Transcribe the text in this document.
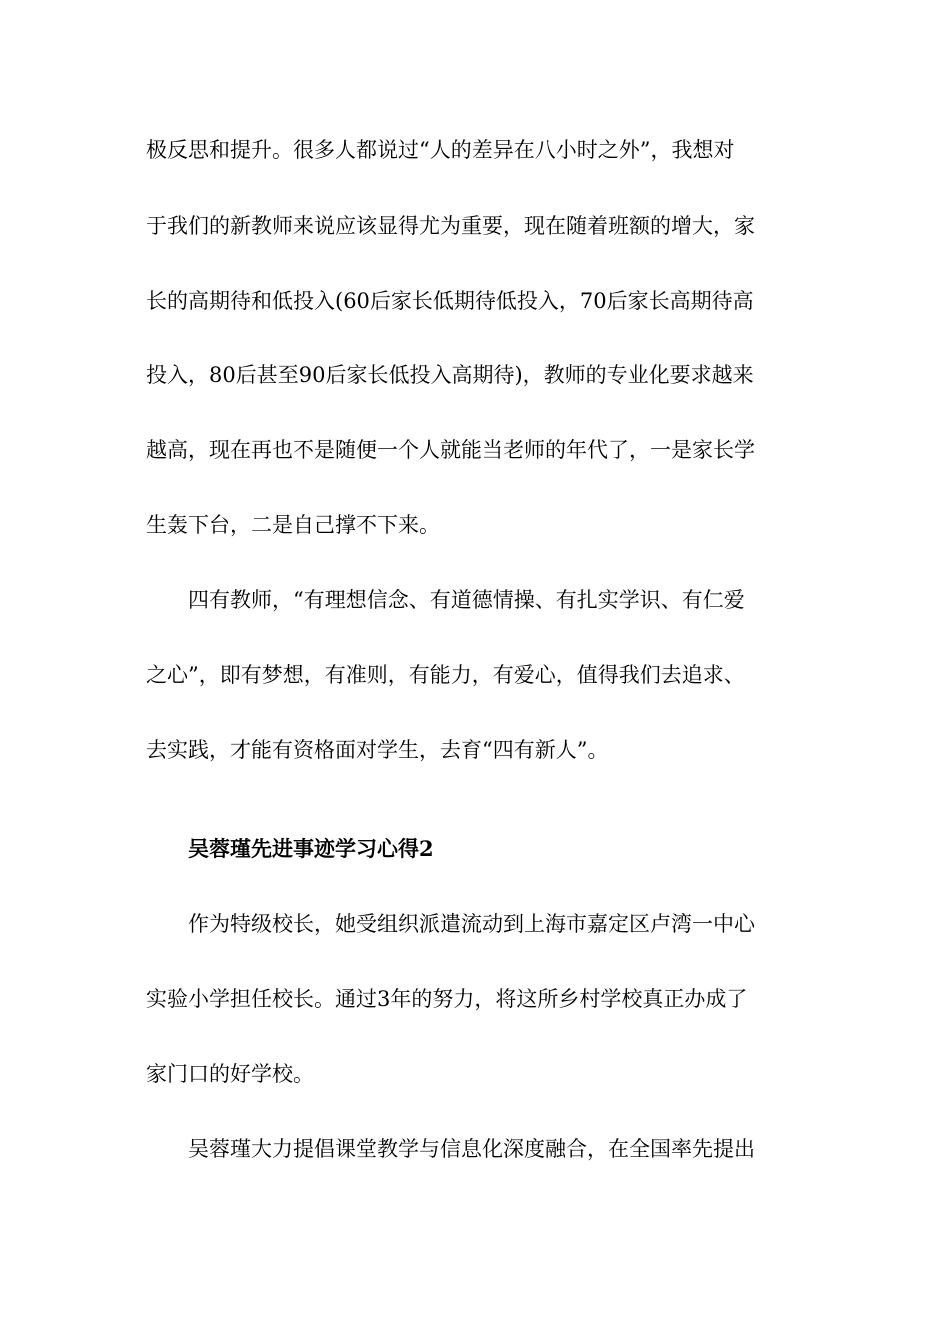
极反思和提升。很多人都说过“人的差异在八小时之外”，我想对
于我们的新教师来说应该显得尤为重要，现在随着班额的增大，家
长的高期待和低投入(60后家长低期待低投入，70后家长高期待高
投入，80后甚至90后家长低投入高期待)，教师的专业化要求越来
越高，现在再也不是随便一个人就能当老师的年代了，一是家长学
生轰下台，二是自己撑不下来。
四有教师，“有理想信念、有道德情操、有扎实学识、有仁爱
之心”，即有梦想，有准则，有能力，有爱心，值得我们去追求、
去实践，才能有资格面对学生，去育“四有新人”。
吴蓉瑾先进事迹学习心得2
作为特级校长，她受组织派遣流动到上海市嘉定区卢湾一中心
实验小学担任校长。通过3年的努力，将这所乡村学校真正办成了
家门口的好学校。
吴蓉瑾大力提倡课堂教学与信息化深度融合，在全国率先提出
